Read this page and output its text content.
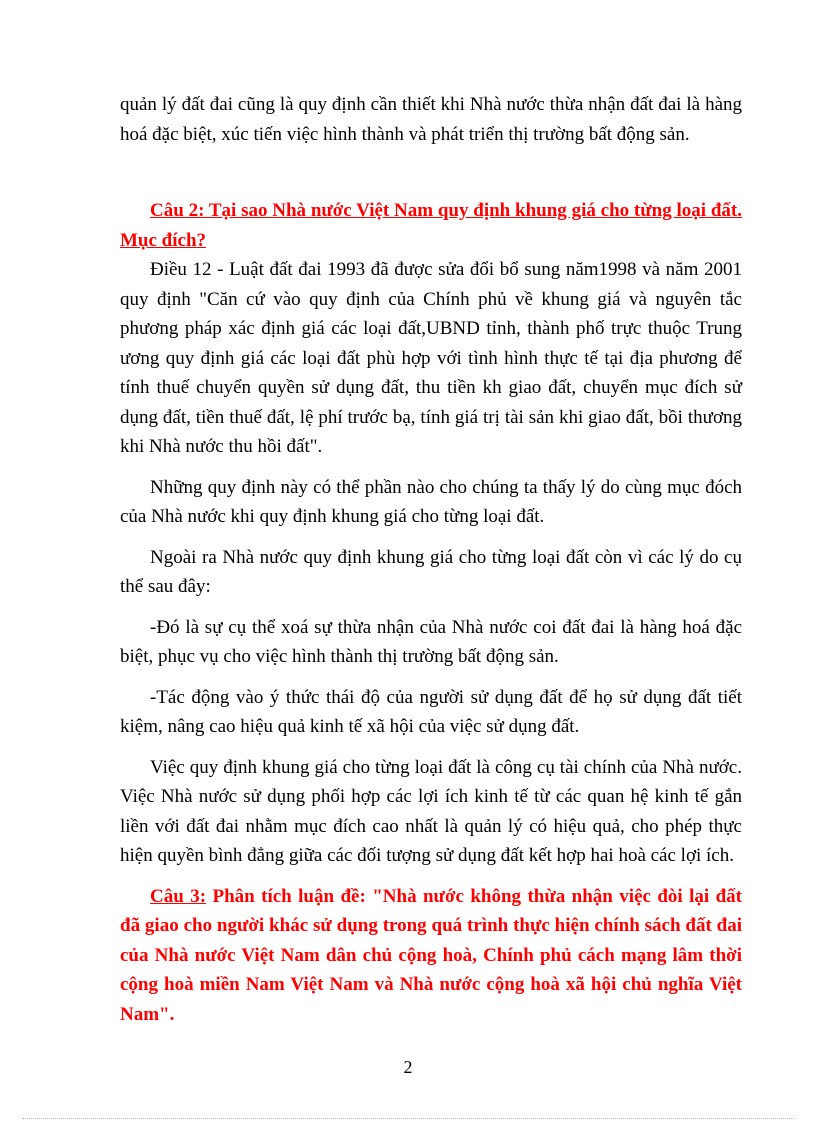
quản lý đất đai cũng là quy định cần thiết khi Nhà nước thừa nhận đất đai là hàng hoá đặc biệt, xúc tiến việc hình thành và phát triển thị trường bất động sản.

Câu 2: Tại sao Nhà nước Việt Nam quy định khung giá cho từng loại đất. Mục đích?

Điều 12 - Luật đất đai 1993 đã được sửa đổi bổ sung năm1998 và năm 2001 quy định "Căn cứ vào quy định của Chính phủ về khung giá và nguyên tắc phương pháp xác định giá các loại đất,UBND tỉnh, thành phố trực thuộc Trung ương quy định giá các loại đất phù hợp với tình hình thực tế tại địa phương để tính thuế chuyển quyền sử dụng đất, thu tiền kh giao đất, chuyển mục đích sử dụng đất, tiền thuế đất, lệ phí trước bạ, tính giá trị tài sản khi giao đất, bồi thương khi Nhà nước thu hồi đất".

Những quy định này có thể phần nào cho chúng ta thấy lý do cùng mục đóch của Nhà nước khi quy định khung giá cho từng loại đất.

Ngoài ra Nhà nước quy định khung giá cho từng loại đất còn vì các lý do cụ thể sau đây:

-Đó là sự cụ thể xoá sự thừa nhận của Nhà nước coi đất đai là hàng hoá đặc biệt, phục vụ cho việc hình thành thị trường bất động sản.

-Tác động vào ý thức thái độ của người sử dụng đất để họ sử dụng đất tiết kiệm, nâng cao hiệu quả kinh tế xã hội của việc sử dụng đất.

Việc quy định khung giá cho từng loại đất là công cụ tài chính của Nhà nước. Việc Nhà nước sử dụng phối hợp các lợi ích kinh tế từ các quan hệ kinh tế gắn liền với đất đai nhằm mục đích cao nhất là quản lý có hiệu quả, cho phép thực hiện quyền bình đẳng giữa các đối tượng sử dụng đất kết hợp hai hoà các lợi ích.

Câu 3: Phân tích luận đề: "Nhà nước không thừa nhận việc đòi lại đất đã giao cho người khác sử dụng trong quá trình thực hiện chính sách đất đai của Nhà nước Việt Nam dân chủ cộng hoà, Chính phủ cách mạng lâm thời cộng hoà miền Nam Việt Nam và Nhà nước cộng hoà xã hội chủ nghĩa Việt Nam".

2
